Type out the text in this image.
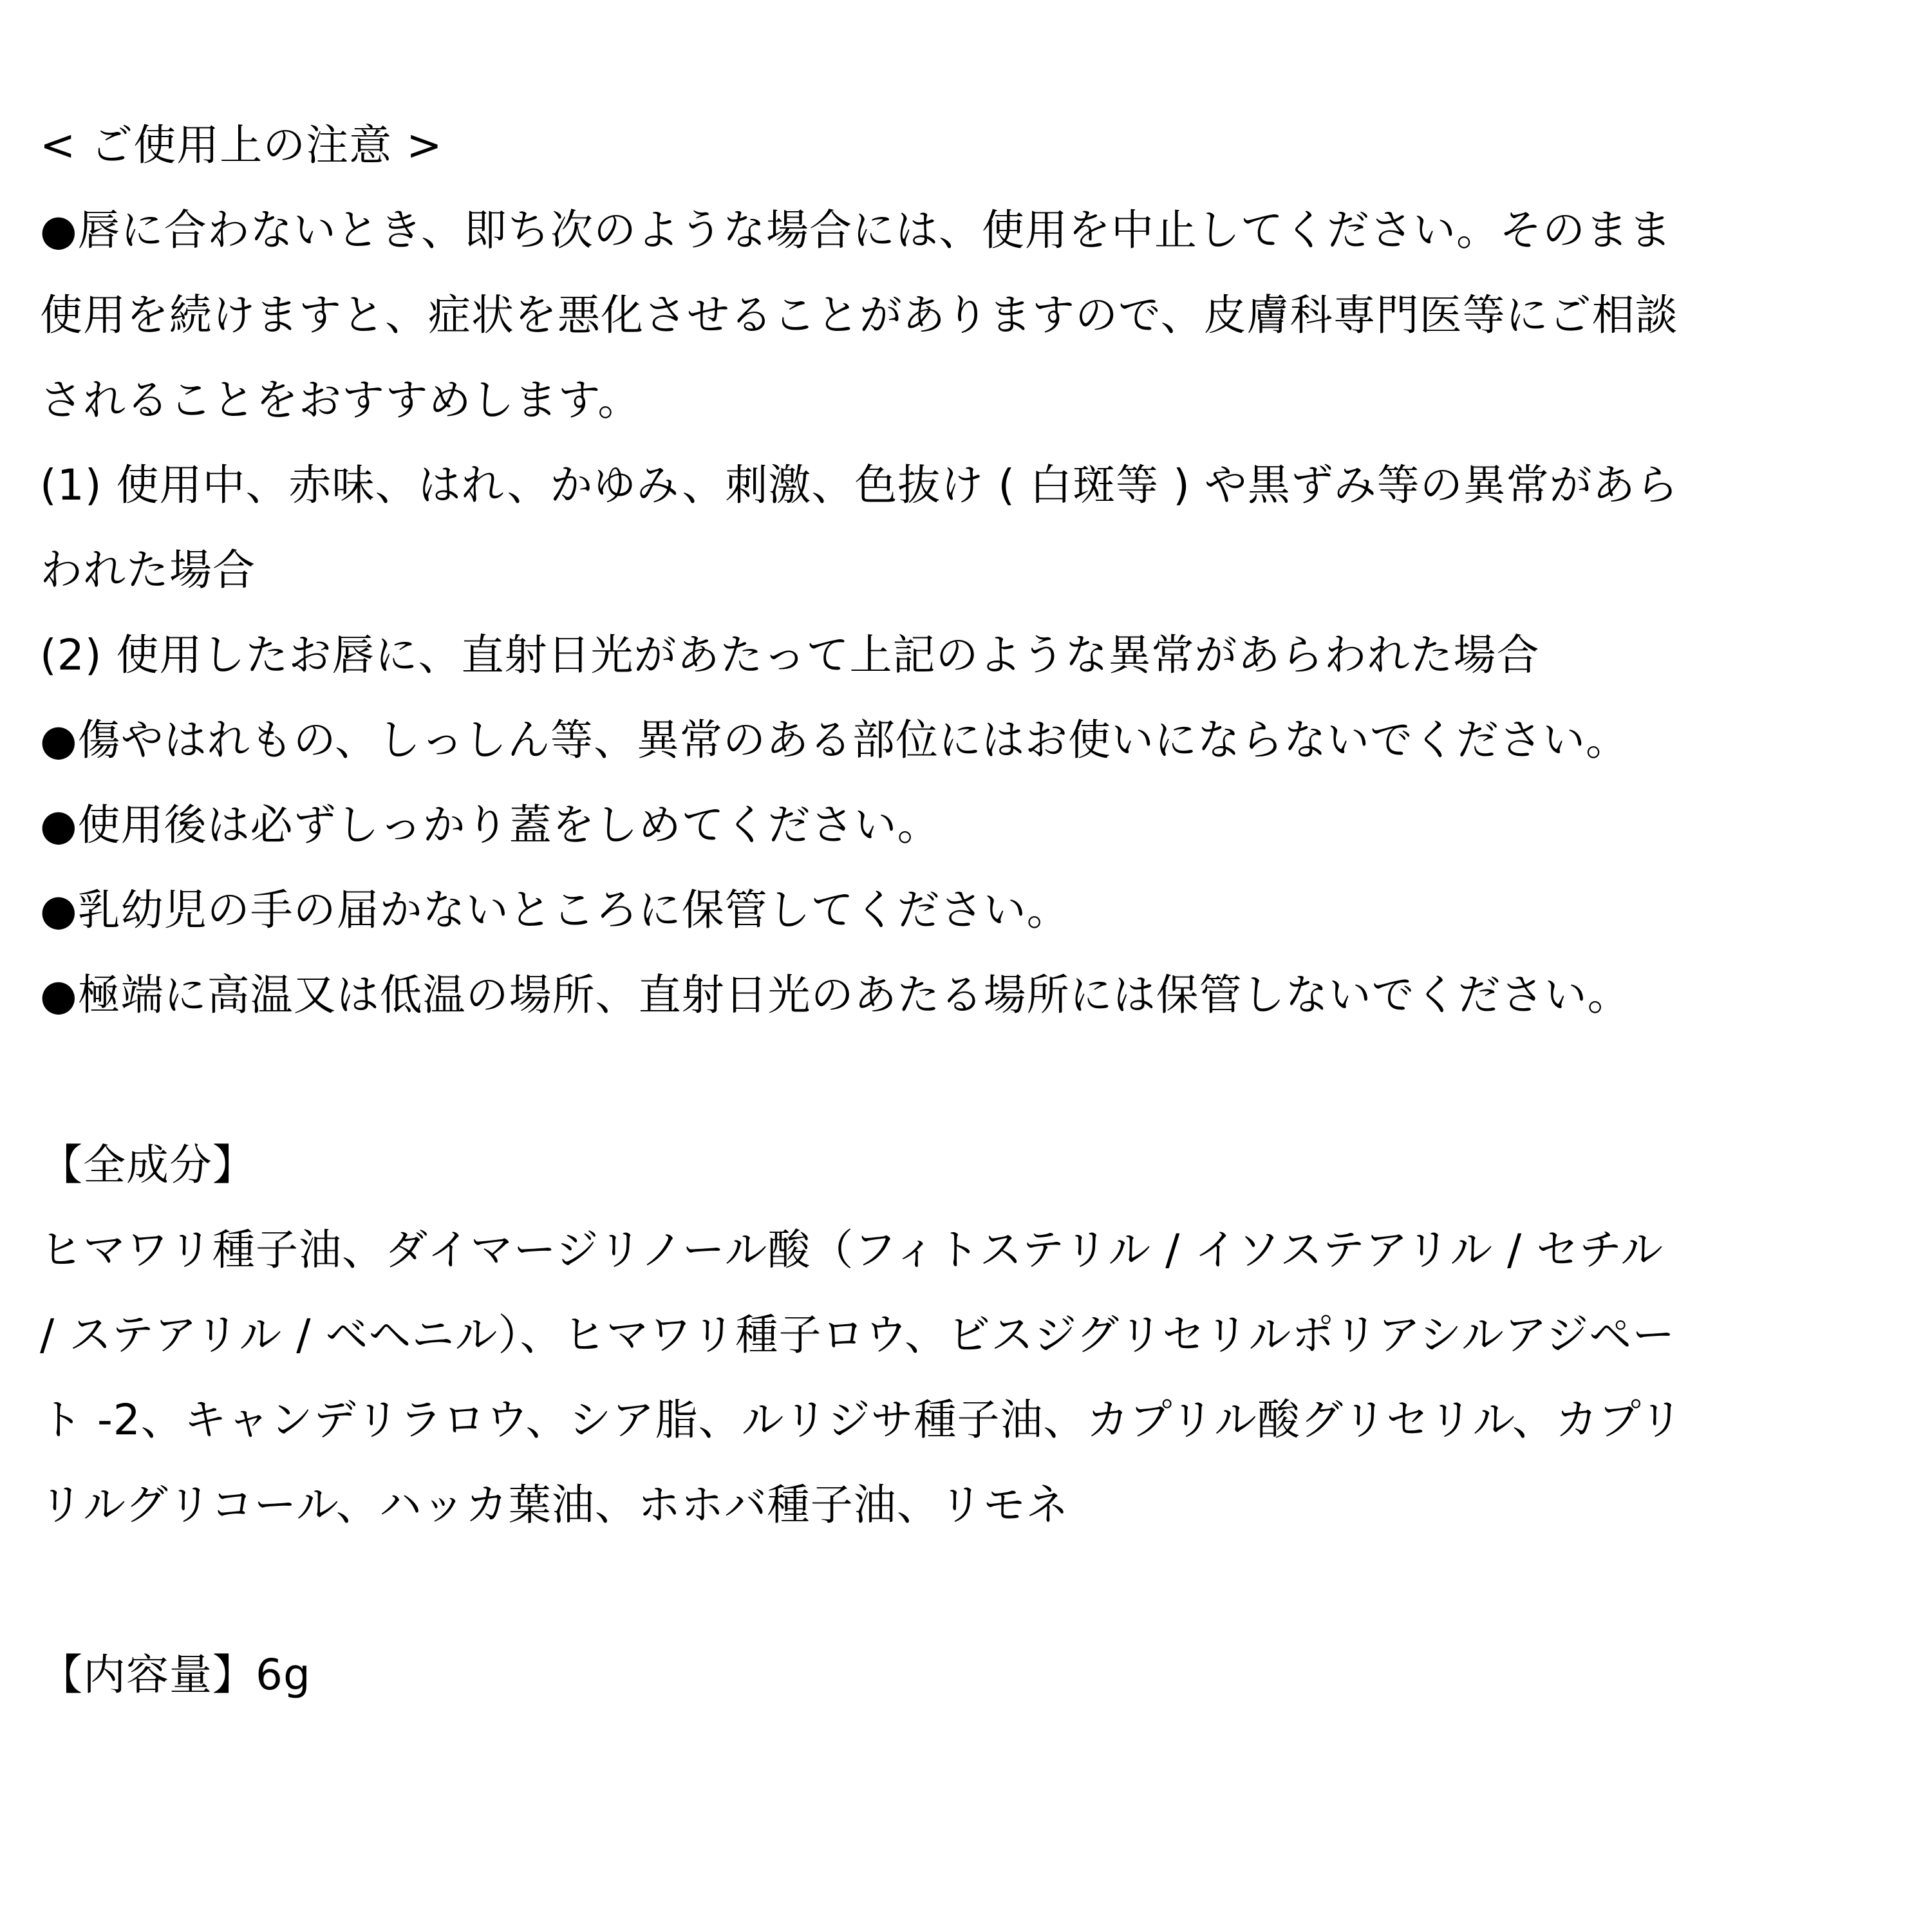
< ご使用上の注意 >

●唇に合わないとき、即ち次のような場合には、使用を中止してください。そのまま

使用を続けますと、症状を悪化させることがありますので、皮膚科専門医等にご相談

されることをおすすめします。

(1) 使用中、赤味、はれ、かゆみ、刺激、色抜け ( 白斑等 ) や黒ずみ等の異常があら

われた場合

(2) 使用したお唇に、直射日光があたって上記のような異常があらわれた場合

●傷やはれもの、しっしん等、異常のある部位にはお使いにならないでください。

●使用後は必ずしっかり蓋をしめてください。

●乳幼児の手の届かないところに保管してください。

●極端に高温又は低温の場所、直射日光のあたる場所には保管しないでください。

【全成分】

ヒマワリ種子油、ダイマージリノール酸（フィトステリル / イソステアリル / セチル

/ ステアリル / ベヘニル）、ヒマワリ種子ロウ、ビスジグリセリルポリアシルアジペー

ト -2、キャンデリラロウ、シア脂、ルリジサ種子油、カプリル酸グリセリル、カプリ

リルグリコール、ハッカ葉油、ホホバ種子油、リモネ

【内容量】6g
